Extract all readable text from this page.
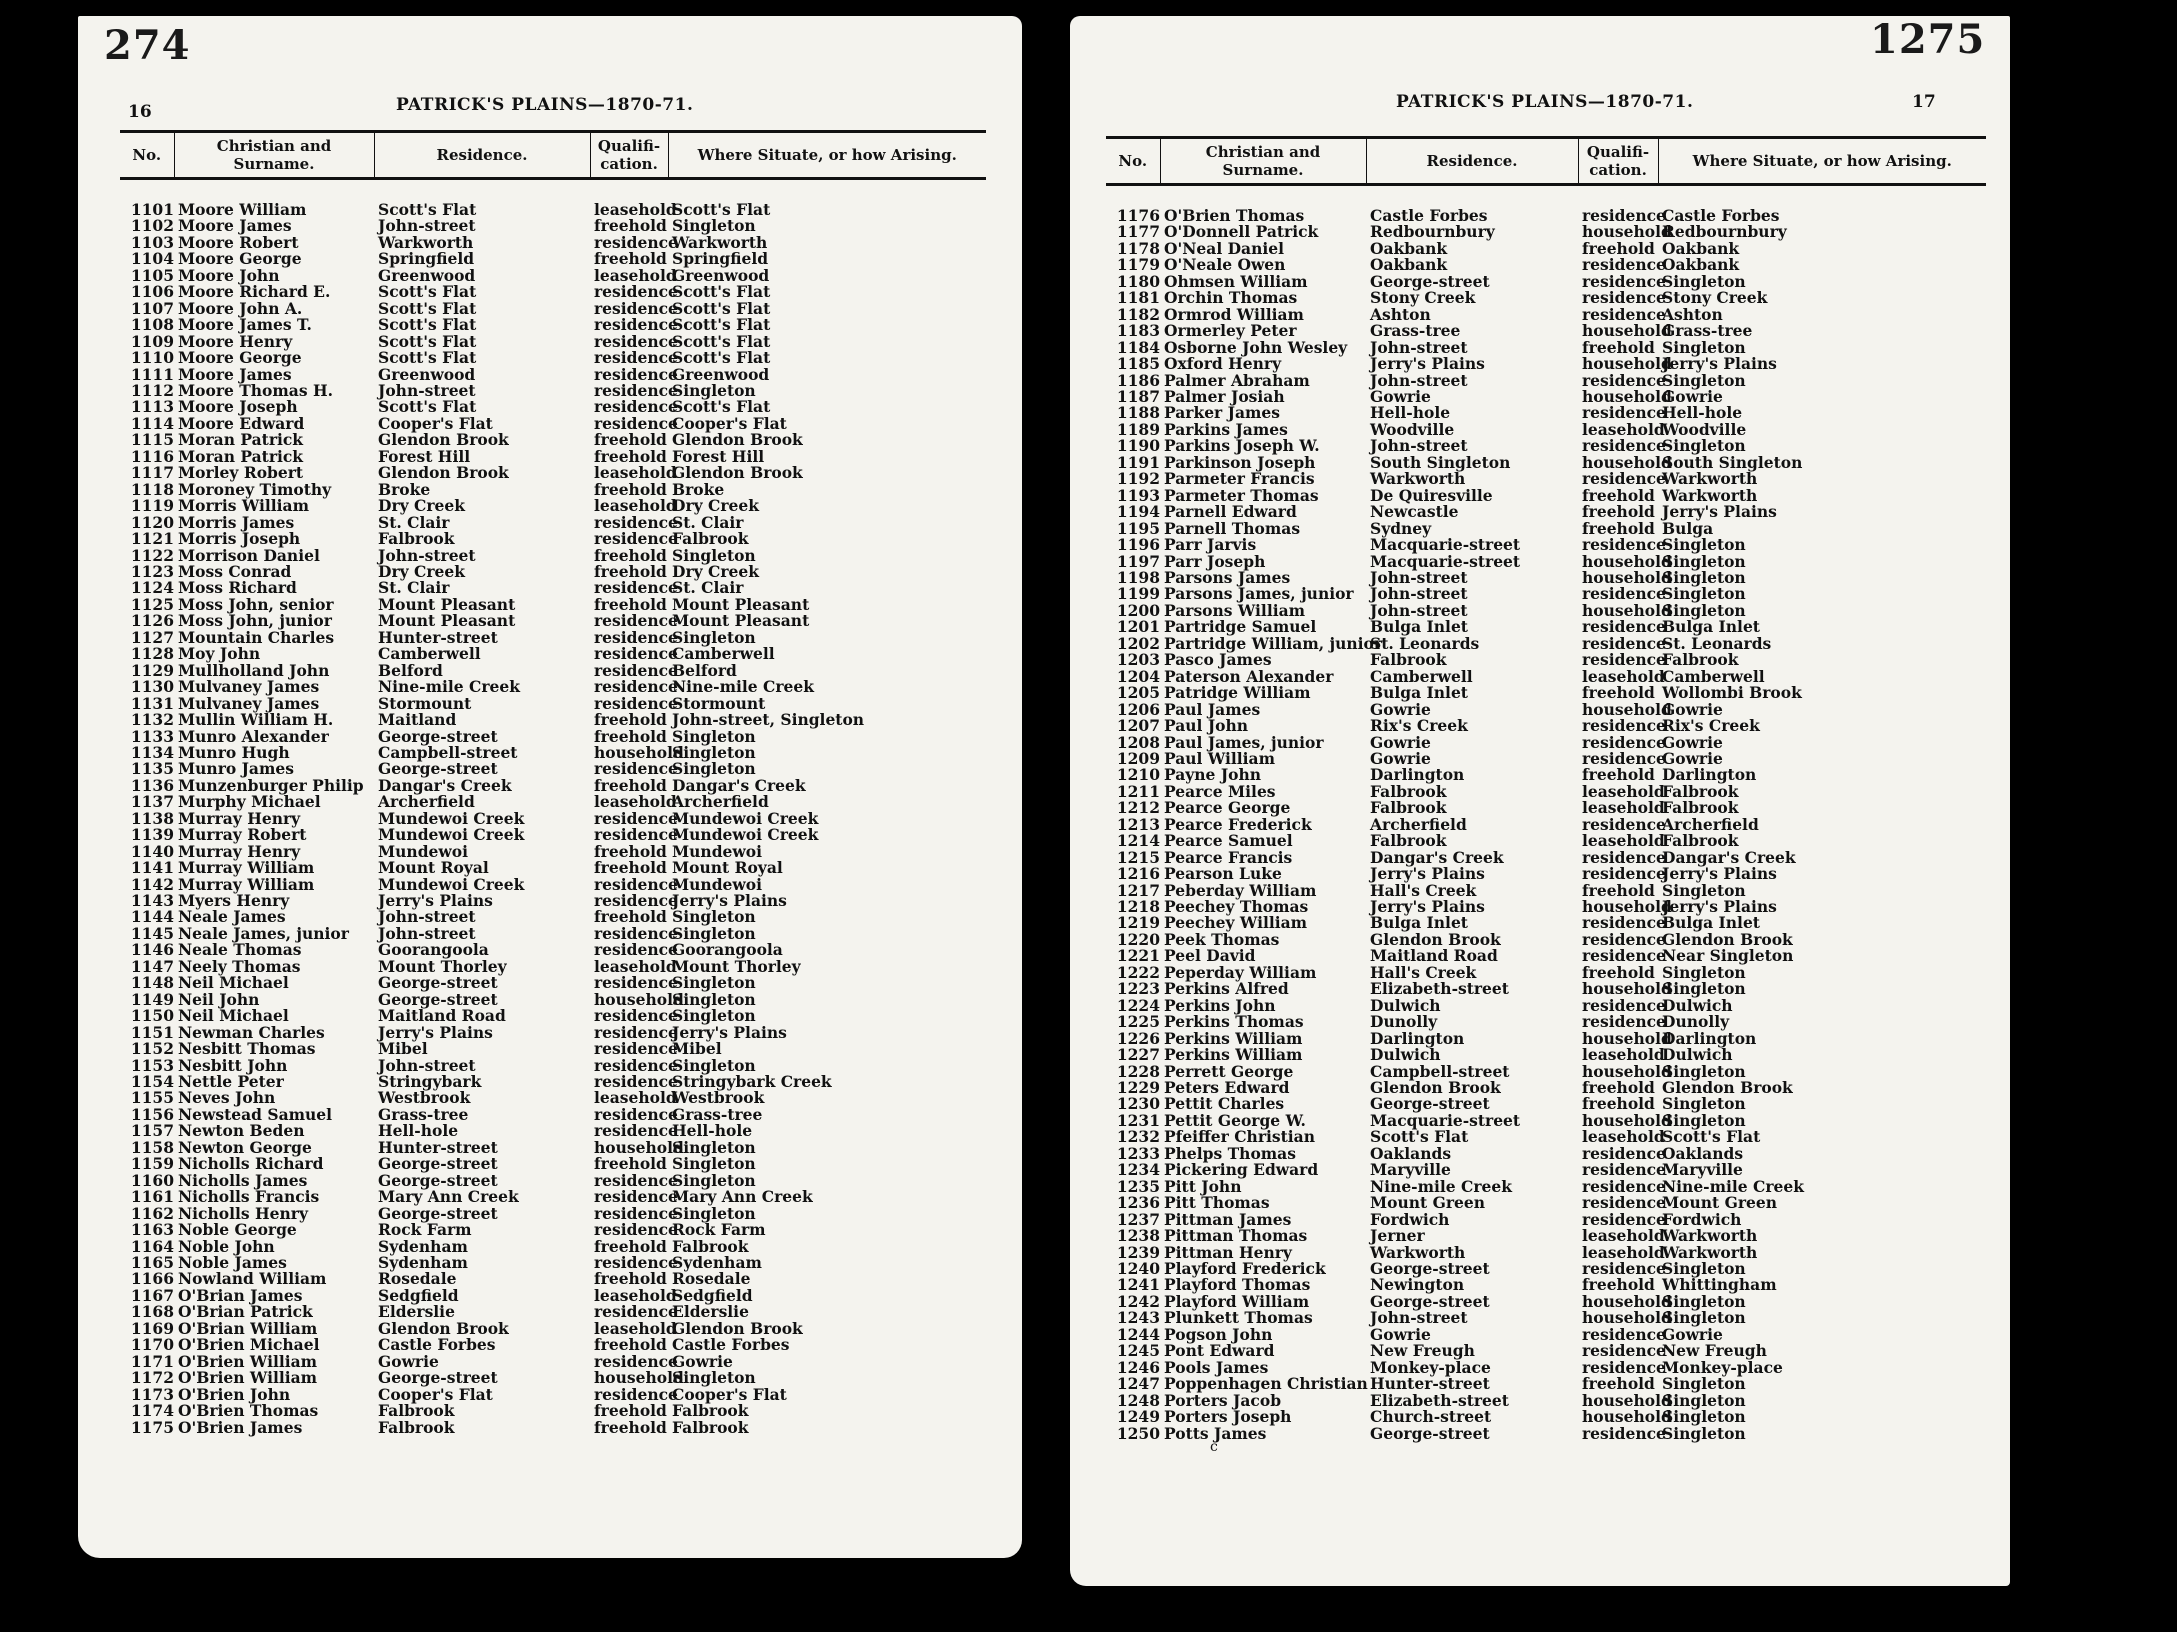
274
16	PATRICK'S PLAINS—1870-71.
No.	Christian and Surname.	Residence.	Qualifi-cation.	Where Situate, or how Arising.
1101	Moore William	Scott's Flat	leasehold	Scott's Flat
1102	Moore James	John-street	freehold	Singleton
1103	Moore Robert	Warkworth	residence	Warkworth
1104	Moore George	Springfield	freehold	Springfield
1105	Moore John	Greenwood	leasehold	Greenwood
1106	Moore Richard E.	Scott's Flat	residence	Scott's Flat
1107	Moore John A.	Scott's Flat	residence	Scott's Flat
1108	Moore James T.	Scott's Flat	residence	Scott's Flat
1109	Moore Henry	Scott's Flat	residence	Scott's Flat
1110	Moore George	Scott's Flat	residence	Scott's Flat
1111	Moore James	Greenwood	residence	Greenwood
1112	Moore Thomas H.	John-street	residence	Singleton
1113	Moore Joseph	Scott's Flat	residence	Scott's Flat
1114	Moore Edward	Cooper's Flat	residence	Cooper's Flat
1115	Moran Patrick	Glendon Brook	freehold	Glendon Brook
1116	Moran Patrick	Forest Hill	freehold	Forest Hill
1117	Morley Robert	Glendon Brook	leasehold	Glendon Brook
1118	Moroney Timothy	Broke	freehold	Broke
1119	Morris William	Dry Creek	leasehold	Dry Creek
1120	Morris James	St. Clair	residence	St. Clair
1121	Morris Joseph	Falbrook	residence	Falbrook
1122	Morrison Daniel	John-street	freehold	Singleton
1123	Moss Conrad	Dry Creek	freehold	Dry Creek
1124	Moss Richard	St. Clair	residence	St. Clair
1125	Moss John, senior	Mount Pleasant	freehold	Mount Pleasant
1126	Moss John, junior	Mount Pleasant	residence	Mount Pleasant
1127	Mountain Charles	Hunter-street	residence	Singleton
1128	Moy John	Camberwell	residence	Camberwell
1129	Mullholland John	Belford	residence	Belford
1130	Mulvaney James	Nine-mile Creek	residence	Nine-mile Creek
1131	Mulvaney James	Stormount	residence	Stormount
1132	Mullin William H.	Maitland	freehold	John-street, Singleton
1133	Munro Alexander	George-street	freehold	Singleton
1134	Munro Hugh	Campbell-street	household	Singleton
1135	Munro James	George-street	residence	Singleton
1136	Munzenburger Philip	Dangar's Creek	freehold	Dangar's Creek
1137	Murphy Michael	Archerfield	leasehold	Archerfield
1138	Murray Henry	Mundewoi Creek	residence	Mundewoi Creek
1139	Murray Robert	Mundewoi Creek	residence	Mundewoi Creek
1140	Murray Henry	Mundewoi	freehold	Mundewoi
1141	Murray William	Mount Royal	freehold	Mount Royal
1142	Murray William	Mundewoi Creek	residence	Mundewoi
1143	Myers Henry	Jerry's Plains	residence	Jerry's Plains
1144	Neale James	John-street	freehold	Singleton
1145	Neale James, junior	John-street	residence	Singleton
1146	Neale Thomas	Goorangoola	residence	Goorangoola
1147	Neely Thomas	Mount Thorley	leasehold	Mount Thorley
1148	Neil Michael	George-street	residence	Singleton
1149	Neil John	George-street	household	Singleton
1150	Neil Michael	Maitland Road	residence	Singleton
1151	Newman Charles	Jerry's Plains	residence	Jerry's Plains
1152	Nesbitt Thomas	Mibel	residence	Mibel
1153	Nesbitt John	John-street	residence	Singleton
1154	Nettle Peter	Stringybark	residence	Stringybark Creek
1155	Neves John	Westbrook	leasehold	Westbrook
1156	Newstead Samuel	Grass-tree	residence	Grass-tree
1157	Newton Beden	Hell-hole	residence	Hell-hole
1158	Newton George	Hunter-street	household	Singleton
1159	Nicholls Richard	George-street	freehold	Singleton
1160	Nicholls James	George-street	residence	Singleton
1161	Nicholls Francis	Mary Ann Creek	residence	Mary Ann Creek
1162	Nicholls Henry	George-street	residence	Singleton
1163	Noble George	Rock Farm	residence	Rock Farm
1164	Noble John	Sydenham	freehold	Falbrook
1165	Noble James	Sydenham	residence	Sydenham
1166	Nowland William	Rosedale	freehold	Rosedale
1167	O'Brian James	Sedgfield	leasehold	Sedgfield
1168	O'Brian Patrick	Elderslie	residence	Elderslie
1169	O'Brian William	Glendon Brook	leasehold	Glendon Brook
1170	O'Brien Michael	Castle Forbes	freehold	Castle Forbes
1171	O'Brien William	Gowrie	residence	Gowrie
1172	O'Brien William	George-street	household	Singleton
1173	O'Brien John	Cooper's Flat	residence	Cooper's Flat
1174	O'Brien Thomas	Falbrook	freehold	Falbrook
1175	O'Brien James	Falbrook	freehold	Falbrook
1275
17
PATRICK'S PLAINS—1870-71.
No.	Christian and Surname.	Residence.	Qualifi-cation.	Where Situate, or how Arising.
1176	O'Brien Thomas	Castle Forbes	residence	Castle Forbes
1177	O'Donnell Patrick	Redbournbury	household	Redbournbury
1178	O'Neal Daniel	Oakbank	freehold	Oakbank
1179	O'Neale Owen	Oakbank	residence	Oakbank
1180	Ohmsen William	George-street	residence	Singleton
1181	Orchin Thomas	Stony Creek	residence	Stony Creek
1182	Ormrod William	Ashton	residence	Ashton
1183	Ormerley Peter	Grass-tree	household	Grass-tree
1184	Osborne John Wesley	John-street	freehold	Singleton
1185	Oxford Henry	Jerry's Plains	household	Jerry's Plains
1186	Palmer Abraham	John-street	residence	Singleton
1187	Palmer Josiah	Gowrie	household	Gowrie
1188	Parker James	Hell-hole	residence	Hell-hole
1189	Parkins James	Woodville	leasehold	Woodville
1190	Parkins Joseph W.	John-street	residence	Singleton
1191	Parkinson Joseph	South Singleton	household	South Singleton
1192	Parmeter Francis	Warkworth	residence	Warkworth
1193	Parmeter Thomas	De Quiresville	freehold	Warkworth
1194	Parnell Edward	Newcastle	freehold	Jerry's Plains
1195	Parnell Thomas	Sydney	freehold	Bulga
1196	Parr Jarvis	Macquarie-street	residence	Singleton
1197	Parr Joseph	Macquarie-street	household	Singleton
1198	Parsons James	John-street	household	Singleton
1199	Parsons James, junior	John-street	residence	Singleton
1200	Parsons William	John-street	household	Singleton
1201	Partridge Samuel	Bulga Inlet	residence	Bulga Inlet
1202	Partridge William, junior	St. Leonards	residence	St. Leonards
1203	Pasco James	Falbrook	residence	Falbrook
1204	Paterson Alexander	Camberwell	leasehold	Camberwell
1205	Patridge William	Bulga Inlet	freehold	Wollombi Brook
1206	Paul James	Gowrie	household	Gowrie
1207	Paul John	Rix's Creek	residence	Rix's Creek
1208	Paul James, junior	Gowrie	residence	Gowrie
1209	Paul William	Gowrie	residence	Gowrie
1210	Payne John	Darlington	freehold	Darlington
1211	Pearce Miles	Falbrook	leasehold	Falbrook
1212	Pearce George	Falbrook	leasehold	Falbrook
1213	Pearce Frederick	Archerfield	residence	Archerfield
1214	Pearce Samuel	Falbrook	leasehold	Falbrook
1215	Pearce Francis	Dangar's Creek	residence	Dangar's Creek
1216	Pearson Luke	Jerry's Plains	residence	Jerry's Plains
1217	Peberday William	Hall's Creek	freehold	Singleton
1218	Peechey Thomas	Jerry's Plains	household	Jerry's Plains
1219	Peechey William	Bulga Inlet	residence	Bulga Inlet
1220	Peek Thomas	Glendon Brook	residence	Glendon Brook
1221	Peel David	Maitland Road	residence	Near Singleton
1222	Peperday William	Hall's Creek	freehold	Singleton
1223	Perkins Alfred	Elizabeth-street	household	Singleton
1224	Perkins John	Dulwich	residence	Dulwich
1225	Perkins Thomas	Dunolly	residence	Dunolly
1226	Perkins William	Darlington	household	Darlington
1227	Perkins William	Dulwich	leasehold	Dulwich
1228	Perrett George	Campbell-street	household	Singleton
1229	Peters Edward	Glendon Brook	freehold	Glendon Brook
1230	Pettit Charles	George-street	freehold	Singleton
1231	Pettit George W.	Macquarie-street	household	Singleton
1232	Pfeiffer Christian	Scott's Flat	leasehold	Scott's Flat
1233	Phelps Thomas	Oaklands	residence	Oaklands
1234	Pickering Edward	Maryville	residence	Maryville
1235	Pitt John	Nine-mile Creek	residence	Nine-mile Creek
1236	Pitt Thomas	Mount Green	residence	Mount Green
1237	Pittman James	Fordwich	residence	Fordwich
1238	Pittman Thomas	Jerner	leasehold	Warkworth
1239	Pittman Henry	Warkworth	leasehold	Warkworth
1240	Playford Frederick	George-street	residence	Singleton
1241	Playford Thomas	Newington	freehold	Whittingham
1242	Playford William	George-street	household	Singleton
1243	Plunkett Thomas	John-street	household	Singleton
1244	Pogson John	Gowrie	residence	Gowrie
1245	Pont Edward	New Freugh	residence	New Freugh
1246	Pools James	Monkey-place	residence	Monkey-place
1247	Poppenhagen Christian	Hunter-street	freehold	Singleton
1248	Porters Jacob	Elizabeth-street	household	Singleton
1249	Porters Joseph	Church-street	household	Singleton
1250	Potts James	George-street	residence	Singleton
c
